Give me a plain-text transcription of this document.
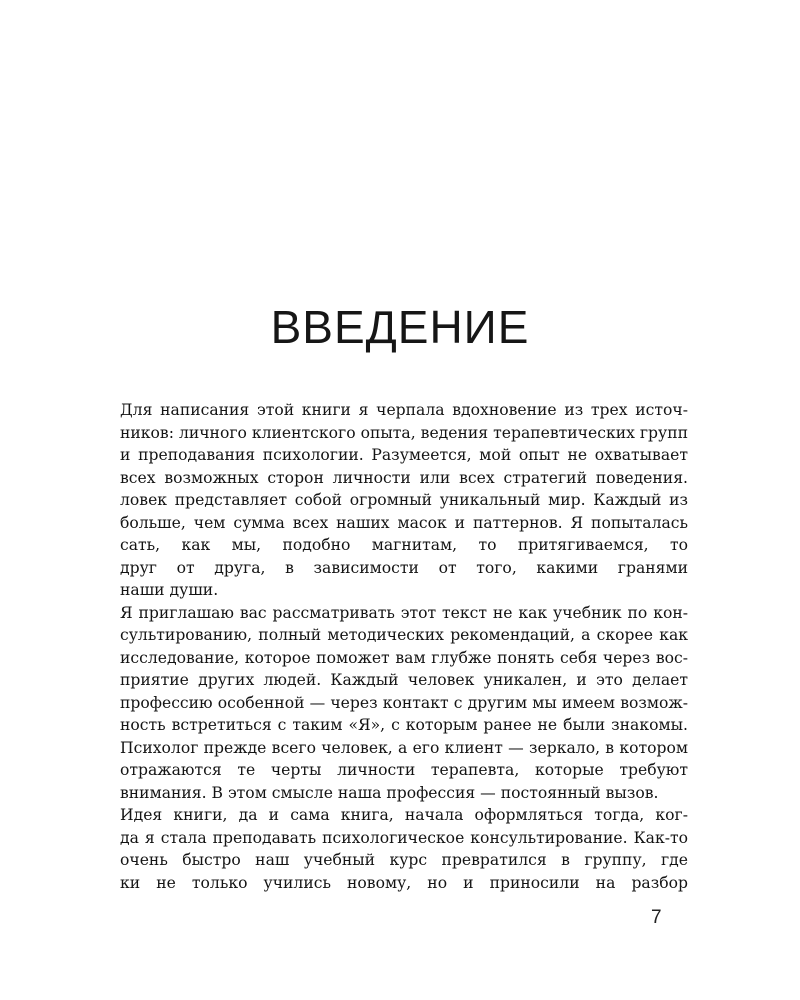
ВВЕДЕНИЕ
Для написания этой книги я черпала вдохновение из трех источ-
ников: личного клиентского опыта, ведения терапевтических групп
и преподавания психологии. Разумеется, мой опыт не охватывает
всех возможных сторон личности или всех стратегий поведения.
ловек представляет собой огромный уникальный мир. Каждый из
больше, чем сумма всех наших масок и паттернов. Я попыталась
сать, как мы, подобно магнитам, то притягиваемся, то
друг от друга, в зависимости от того, какими гранями
наши души.
Я приглашаю вас рассматривать этот текст не как учебник по кон-
сультированию, полный методических рекомендаций, а скорее как
исследование, которое поможет вам глубже понять себя через вос-
приятие других людей. Каждый человек уникален, и это делает
профессию особенной — через контакт с другим мы имеем возмож-
ность встретиться с таким «Я», с которым ранее не были знакомы.
Психолог прежде всего человек, а его клиент — зеркало, в котором
отражаются те черты личности терапевта, которые требуют
внимания. В этом смысле наша профессия — постоянный вызов.
Идея книги, да и сама книга, начала оформляться тогда, ког-
да я стала преподавать психологическое консультирование. Как-то
очень быстро наш учебный курс превратился в группу, где
ки не только учились новому, но и приносили на разбор
7
